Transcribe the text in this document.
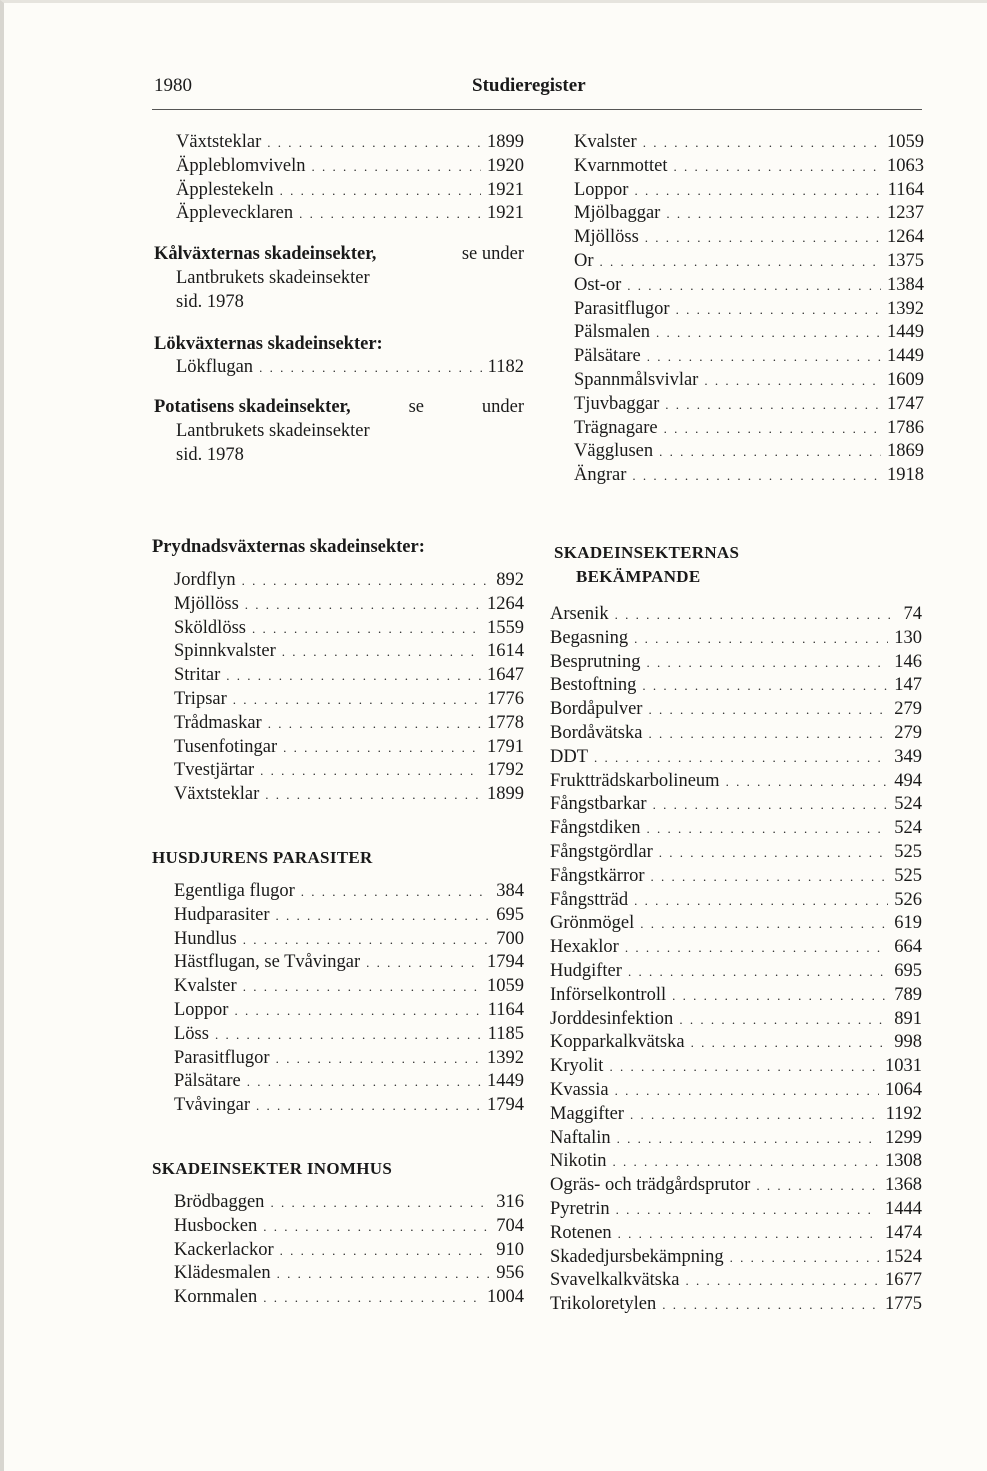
1980	Studieregister
Växtsteklar . . .	1899
Äppleblomviveln . . .	1920
Äpplestekeln . . .	1921
Äpplevecklaren . . .	1921
Kålväxternas skadeinsekter,	se under
Lantbrukets skadeinsekter
sid. 1978
Lökväxternas skadeinsekter:
Lökflugan . . .	1182
Potatisens skadeinsekter,	se	under
Lantbrukets skadeinsekter
sid. 1978
Kvalster . . .	1059
Kvarnmottet . . .	1063
Loppor . . .	1164
Mjölbaggar . . .	1237
Mjöllöss . . .	1264
Or . . .	1375
Ost-or . . .	1384
Parasitflugor . . .	1392
Pälsmalen . . .	1449
Pälsätare . . .	1449
Spannmålsvivlar . . .	1609
Tjuvbaggar . . .	1747
Trägnagare . . .	1786
Vägglusen . . .	1869
Ängrar . . .	1918
Prydnadsväxternas skadeinsekter:
Jordflyn . . .	892
Mjöllöss . . .	1264
Sköldlöss . . .	1559
Spinnkvalster . . .	1614
Stritar . . .	1647
Tripsar . . .	1776
Trådmaskar . . .	1778
Tusenfotingar . . .	1791
Tvestjärtar . . .	1792
Växtsteklar . . .	1899
HUSDJURENS PARASITER
Egentliga flugor . . .	384
Hudparasiter . . .	695
Hundlus . . .	700
Hästflugan, se Tvåvingar . . .	1794
Kvalster . . .	1059
Loppor . . .	1164
Löss . . .	1185
Parasitflugor . . .	1392
Pälsätare . . .	1449
Tvåvingar . . .	1794
SKADEINSEKTER INOMHUS
Brödbaggen . . .	316
Husbocken . . .	704
Kackerlackor . . .	910
Klädesmalen . . .	956
Kornmalen . . .	1004
SKADEINSEKTERNAS
BEKÄMPANDE
Arsenik . . .	74
Begasning . . .	130
Besprutning . . .	146
Bestoftning . . .	147
Bordåpulver . . .	279
Bordåvätska . . .	279
DDT . . .	349
Fruktträdskarbolineum . . .	494
Fångstbarkar . . .	524
Fångstdiken . . .	524
Fångstgördlar . . .	525
Fångstkärror . . .	525
Fångstträd . . .	526
Grönmögel . . .	619
Hexaklor . . .	664
Hudgifter . . .	695
Införselkontroll . . .	789
Jorddesinfektion . . .	891
Kopparkalkvätska . . .	998
Kryolit . . .	1031
Kvassia . . .	1064
Maggifter . . .	1192
Naftalin . . .	1299
Nikotin . . .	1308
Ogräs- och trädgårdsprutor . . .	1368
Pyretrin . . .	1444
Rotenen . . .	1474
Skadedjursbekämpning . . .	1524
Svavelkalkvätska . . .	1677
Trikoloretylen . . .	1775
